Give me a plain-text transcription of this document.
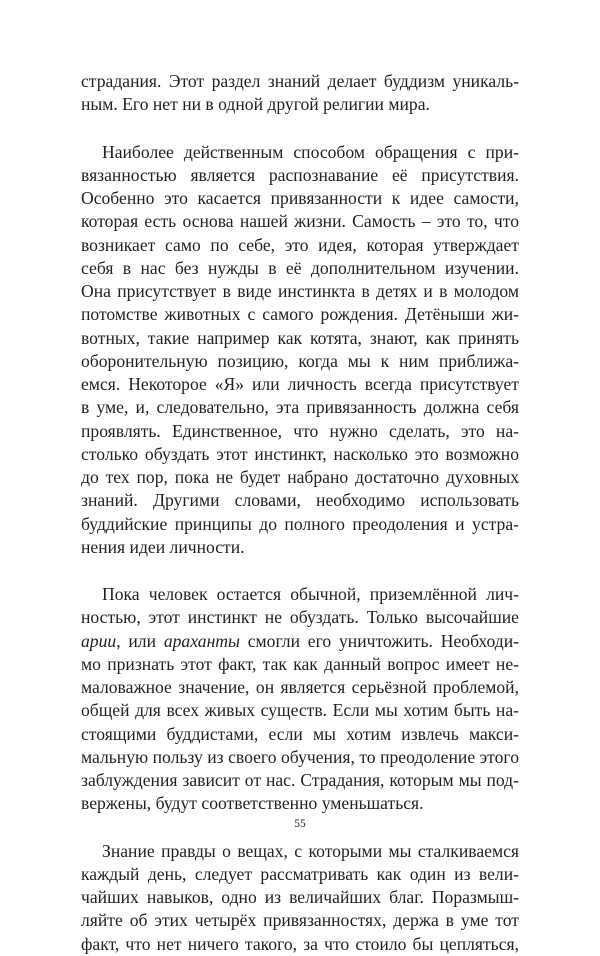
страдания. Этот раздел знаний делает буддизм уникаль-
ным. Его нет ни в одной другой религии мира.
Наиболее действенным способом обращения с при-
вязанностью является распознавание её присутствия.
Особенно это касается привязанности к идее самости,
которая есть основа нашей жизни. Самость – это то, что
возникает само по себе, это идея, которая утверждает
себя в нас без нужды в её дополнительном изучении.
Она присутствует в виде инстинкта в детях и в молодом
потомстве животных с самого рождения. Детёныши жи-
вотных, такие например как котята, знают, как принять
оборонительную позицию, когда мы к ним приближа-
емся. Некоторое «Я» или личность всегда присутствует
в уме, и, следовательно, эта привязанность должна себя
проявлять. Единственное, что нужно сделать, это на-
столько обуздать этот инстинкт, насколько это возможно
до тех пор, пока не будет набрано достаточно духовных
знаний. Другими словами, необходимо использовать
буддийские принципы до полного преодоления и устра-
нения идеи личности.
Пока человек остается обычной, приземлённой лич-
ностью, этот инстинкт не обуздать. Только высочайшие
арии, или араханты смогли его уничтожить. Необходи-
мо признать этот факт, так как данный вопрос имеет не-
маловажное значение, он является серьёзной проблемой,
общей для всех живых существ. Если мы хотим быть на-
стоящими буддистами, если мы хотим извлечь макси-
мальную пользу из своего обучения, то преодоление этого
заблуждения зависит от нас. Страдания, которым мы под-
вержены, будут соответственно уменьшаться.
Знание правды о вещах, с которыми мы сталкиваемся
каждый день, следует рассматривать как один из вели-
чайших навыков, одно из величайших благ. Поразмыш-
ляйте об этих четырёх привязанностях, держа в уме тот
факт, что нет ничего такого, за что стоило бы цепляться,
55
